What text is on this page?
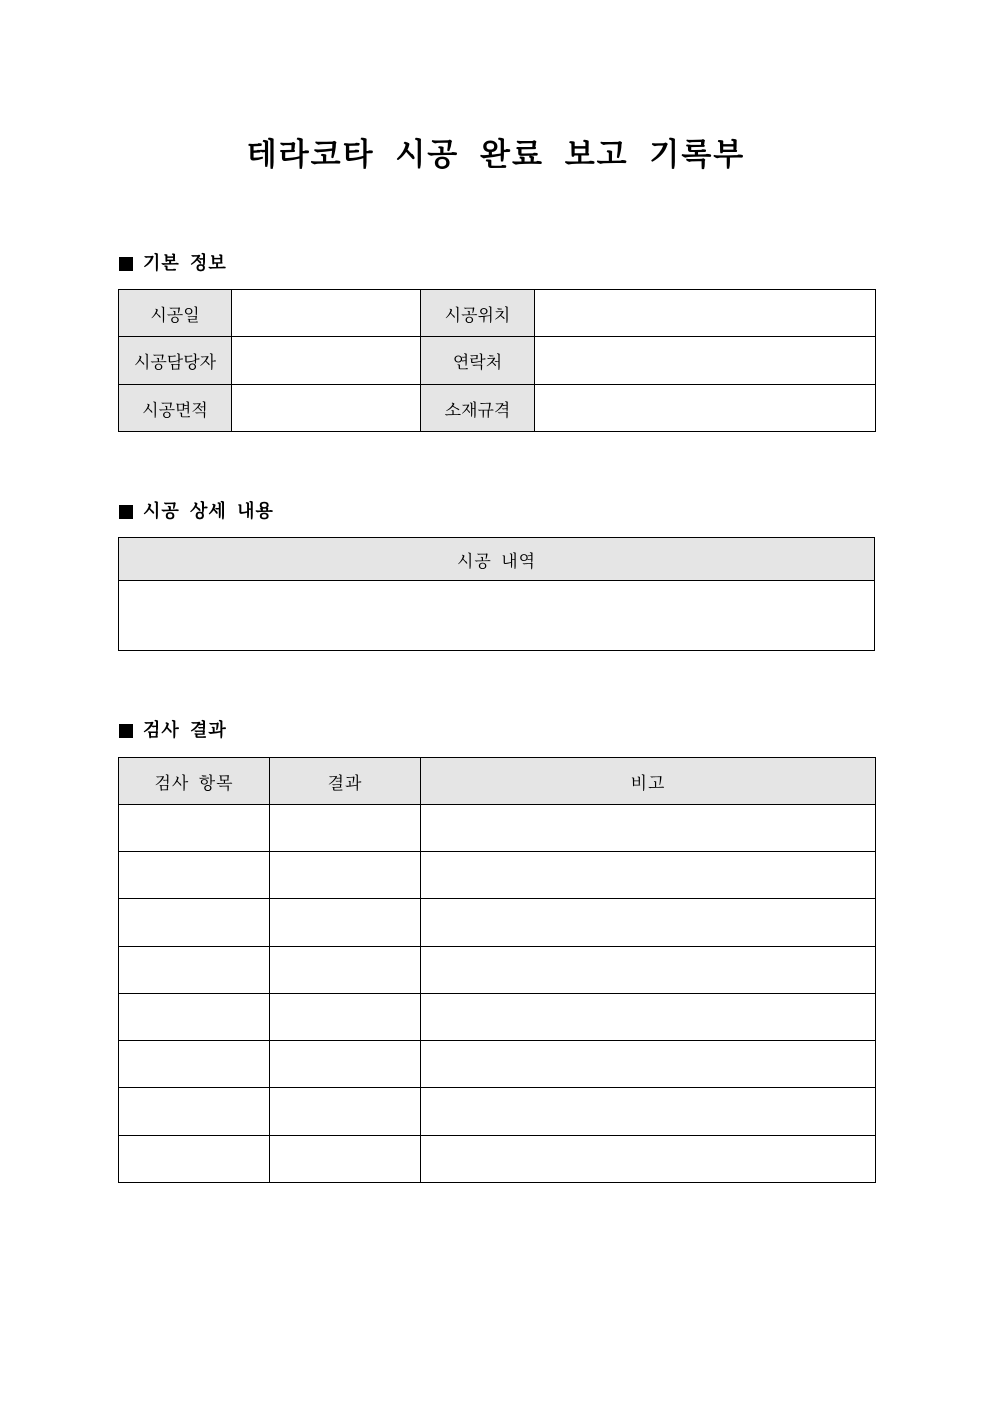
테라코타 시공 완료 보고 기록부
기본 정보
시공일		시공위치	
시공담당자		연락처	
시공면적		소재규격	
시공 상세 내용
시공 내역

검사 결과
검사 항목	결과	비고
